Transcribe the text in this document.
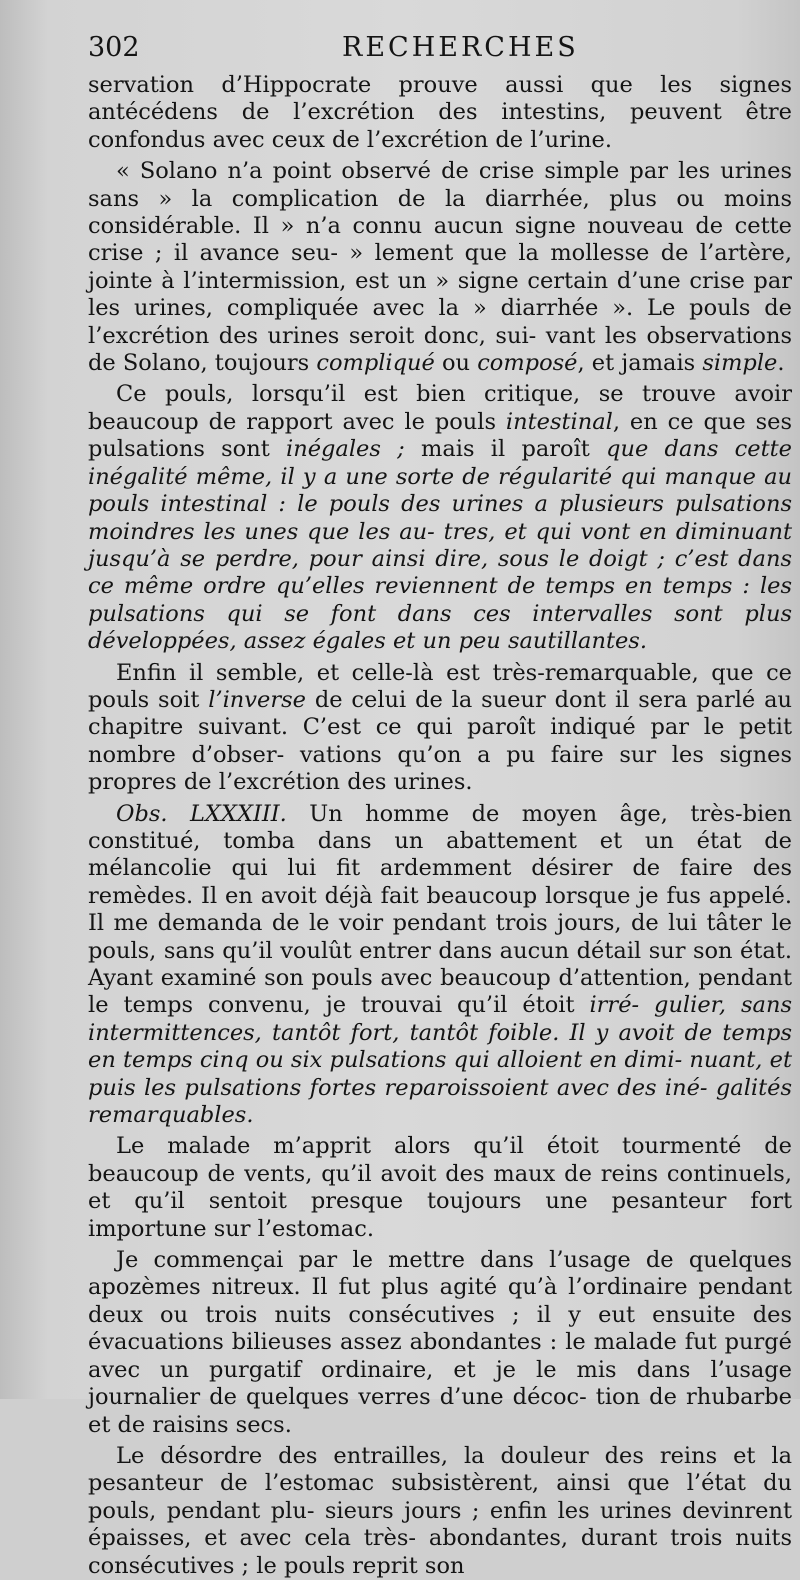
302	RECHERCHES

servation d’Hippocrate prouve aussi que les signes antécédens de l’excrétion des intestins, peuvent être confondus avec ceux de l’excrétion de l’urine.

« Solano n’a point observé de crise simple par les urines sans » la complication de la diarrhée, plus ou moins considérable. Il » n’a connu aucun signe nouveau de cette crise ; il avance seu- » lement que la mollesse de l’artère, jointe à l’intermission, est un » signe certain d’une crise par les urines, compliquée avec la » diarrhée ». Le pouls de l’excrétion des urines seroit donc, sui- vant les observations de Solano, toujours compliqué ou composé, et jamais simple.

Ce pouls, lorsqu’il est bien critique, se trouve avoir beaucoup de rapport avec le pouls intestinal, en ce que ses pulsations sont inégales ; mais il paroît que dans cette inégalité même, il y a une sorte de régularité qui manque au pouls intestinal : le pouls des urines a plusieurs pulsations moindres les unes que les au- tres, et qui vont en diminuant jusqu’à se perdre, pour ainsi dire, sous le doigt ; c’est dans ce même ordre qu’elles reviennent de temps en temps : les pulsations qui se font dans ces intervalles sont plus développées, assez égales et un peu sautillantes.

Enfin il semble, et celle-là est très-remarquable, que ce pouls soit l’inverse de celui de la sueur dont il sera parlé au chapitre suivant. C’est ce qui paroît indiqué par le petit nombre d’obser- vations qu’on a pu faire sur les signes propres de l’excrétion des urines.

Obs. LXXXIII. Un homme de moyen âge, très-bien constitué, tomba dans un abattement et un état de mélancolie qui lui fit ardemment désirer de faire des remèdes. Il en avoit déjà fait beaucoup lorsque je fus appelé. Il me demanda de le voir pendant trois jours, de lui tâter le pouls, sans qu’il voulût entrer dans aucun détail sur son état. Ayant examiné son pouls avec beaucoup d’attention, pendant le temps convenu, je trouvai qu’il étoit irré- gulier, sans intermittences, tantôt fort, tantôt foible. Il y avoit de temps en temps cinq ou six pulsations qui alloient en dimi- nuant, et puis les pulsations fortes reparoissoient avec des iné- galités remarquables.

Le malade m’apprit alors qu’il étoit tourmenté de beaucoup de vents, qu’il avoit des maux de reins continuels, et qu’il sentoit presque toujours une pesanteur fort importune sur l’estomac.

Je commençai par le mettre dans l’usage de quelques apozèmes nitreux. Il fut plus agité qu’à l’ordinaire pendant deux ou trois nuits consécutives ; il y eut ensuite des évacuations bilieuses assez abondantes : le malade fut purgé avec un purgatif ordinaire, et je le mis dans l’usage journalier de quelques verres d’une décoc- tion de rhubarbe et de raisins secs.

Le désordre des entrailles, la douleur des reins et la pesanteur de l’estomac subsistèrent, ainsi que l’état du pouls, pendant plu- sieurs jours ; enfin les urines devinrent épaisses, et avec cela très- abondantes, durant trois nuits consécutives ; le pouls reprit son
